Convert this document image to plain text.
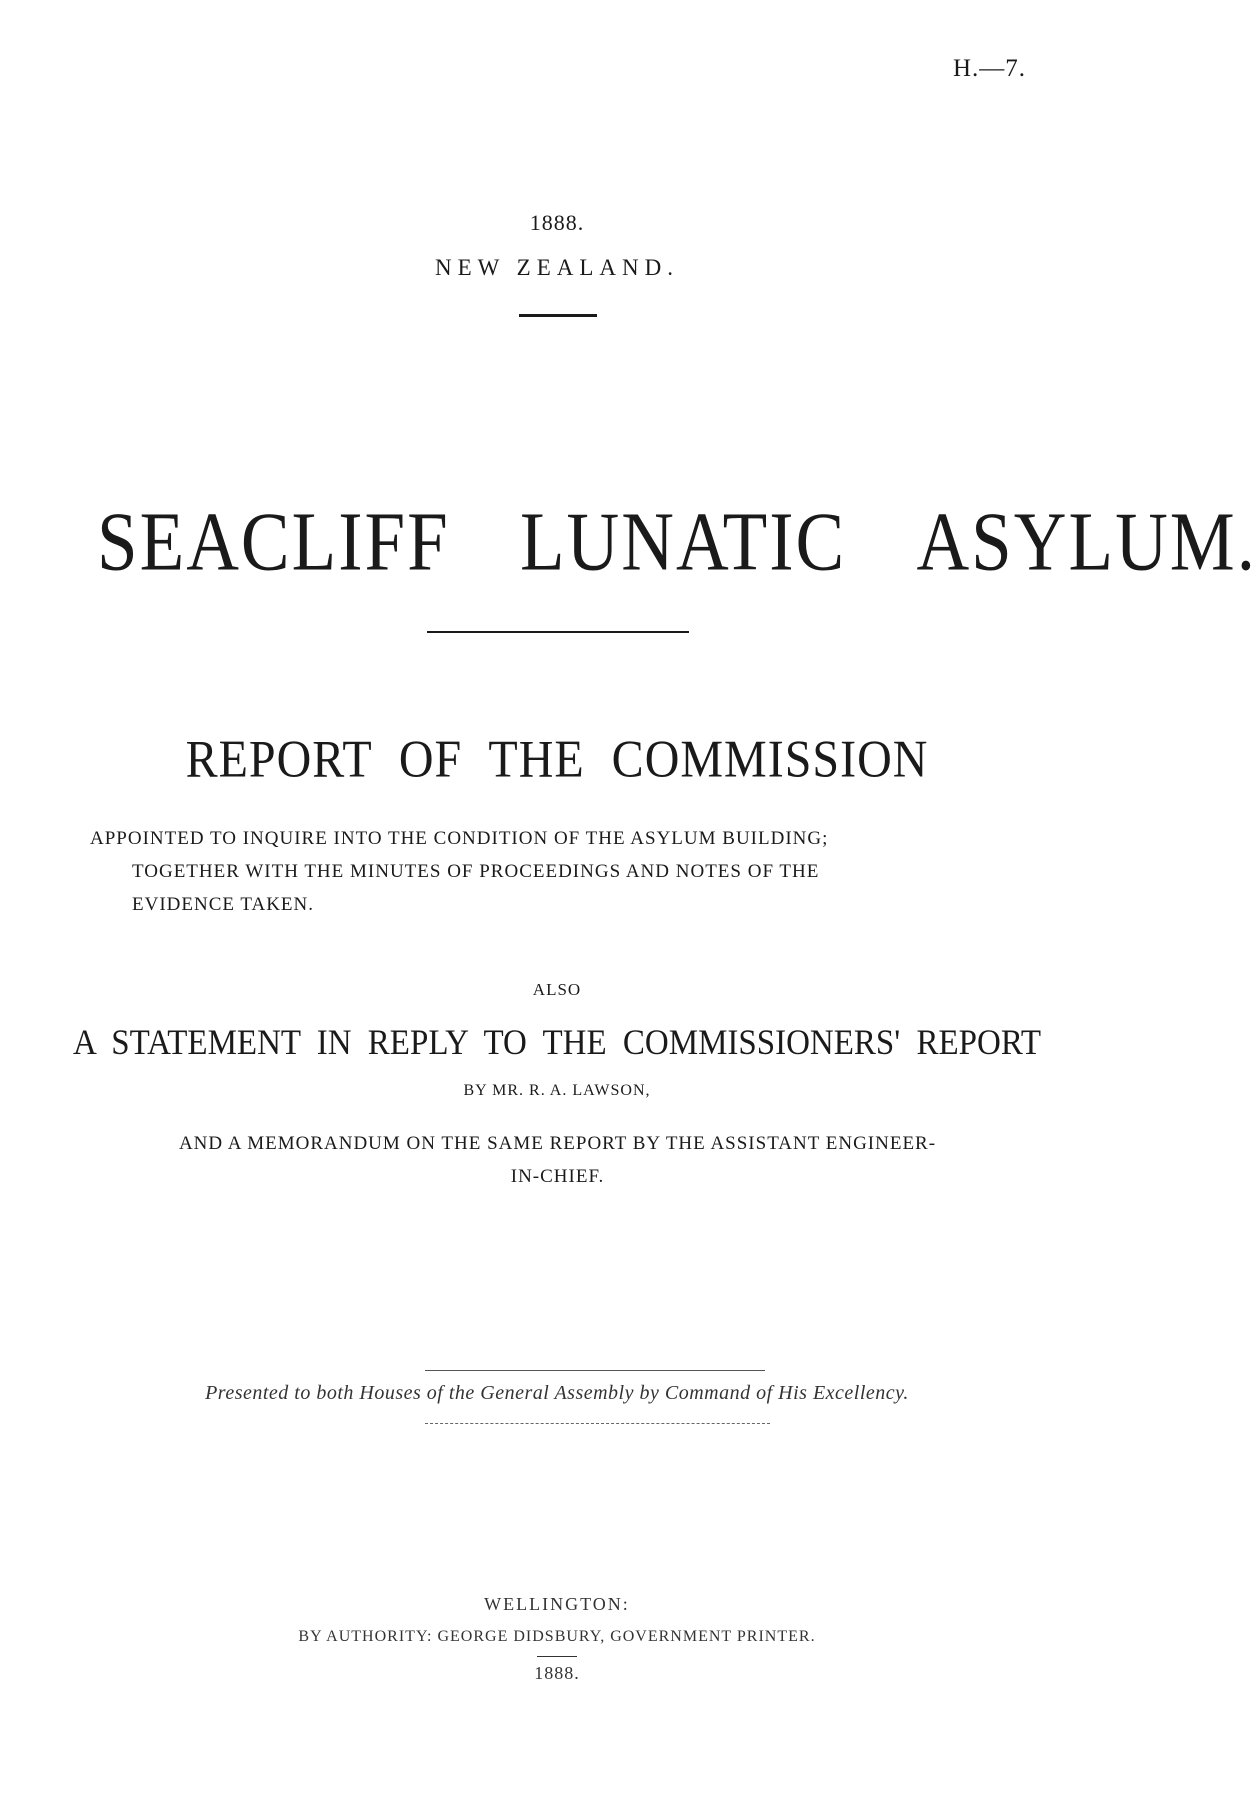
H.—7.
1888.
NEW ZEALAND.
SEACLIFF LUNATIC ASYLUM.
REPORT OF THE COMMISSION
APPOINTED TO INQUIRE INTO THE CONDITION OF THE ASYLUM BUILDING;
TOGETHER WITH THE MINUTES OF PROCEEDINGS AND NOTES OF THE
EVIDENCE TAKEN.
ALSO
A STATEMENT IN REPLY TO THE COMMISSIONERS' REPORT
BY MR. R. A. LAWSON,
AND A MEMORANDUM ON THE SAME REPORT BY THE ASSISTANT ENGINEER-
IN-CHIEF.
Presented to both Houses of the General Assembly by Command of His Excellency.
WELLINGTON:
BY AUTHORITY: GEORGE DIDSBURY, GOVERNMENT PRINTER.
1888.
